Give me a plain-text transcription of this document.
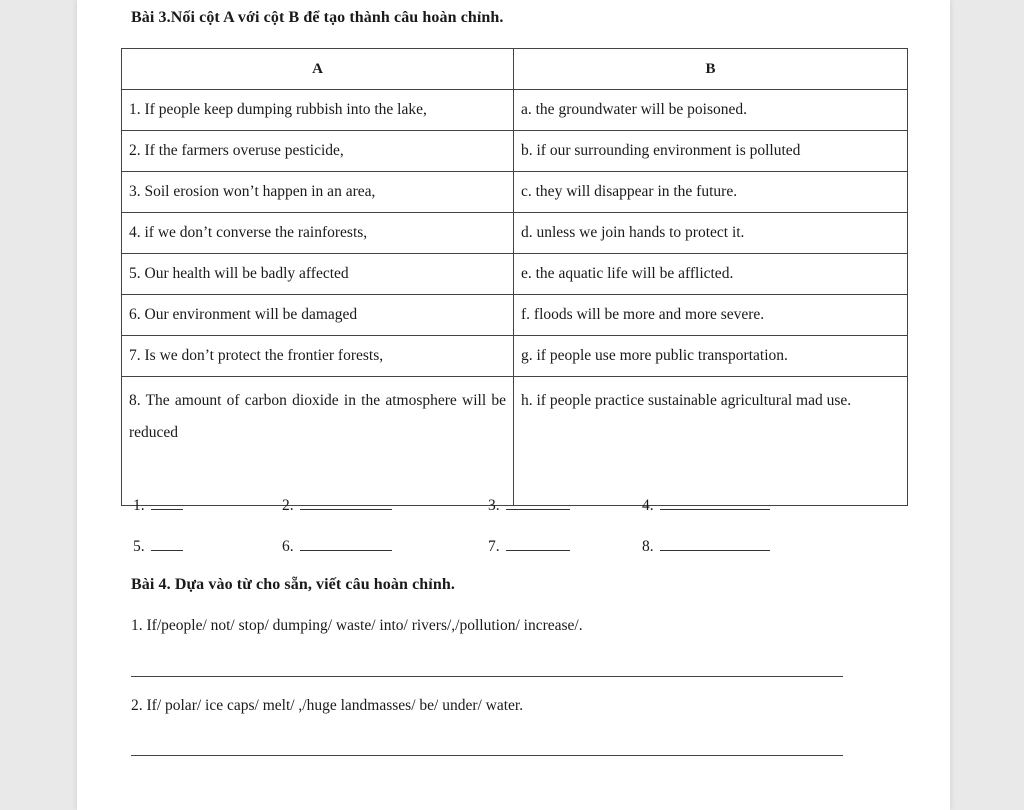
Bài 3.Nối cột A với cột B để tạo thành câu hoàn chỉnh.
A	B
1. If people keep dumping rubbish into the lake,	a. the groundwater will be poisoned.
2. If the farmers overuse pesticide,	b. if our surrounding environment is polluted
3. Soil erosion won’t happen in an area,	c. they will disappear in the future.
4. if we don’t converse the rainforests,	d. unless we join hands to protect it.
5. Our health will be badly affected	e. the aquatic life will be afflicted.
6. Our environment will be damaged	f. floods will be more and more severe.
7. Is we don’t protect the frontier forests,	g. if people use more public transportation.
8. The amount of carbon dioxide in the atmosphere will be reduced	h. if people practice sustainable agricultural mad use.
1.	2.	3.	4.
5.	6.	7.	8.
Bài 4. Dựa vào từ cho sẵn, viết câu hoàn chỉnh.
1. If/people/ not/ stop/ dumping/ waste/ into/ rivers/,/pollution/ increase/.
2. If/ polar/ ice caps/ melt/ ,/huge landmasses/ be/ under/ water.
